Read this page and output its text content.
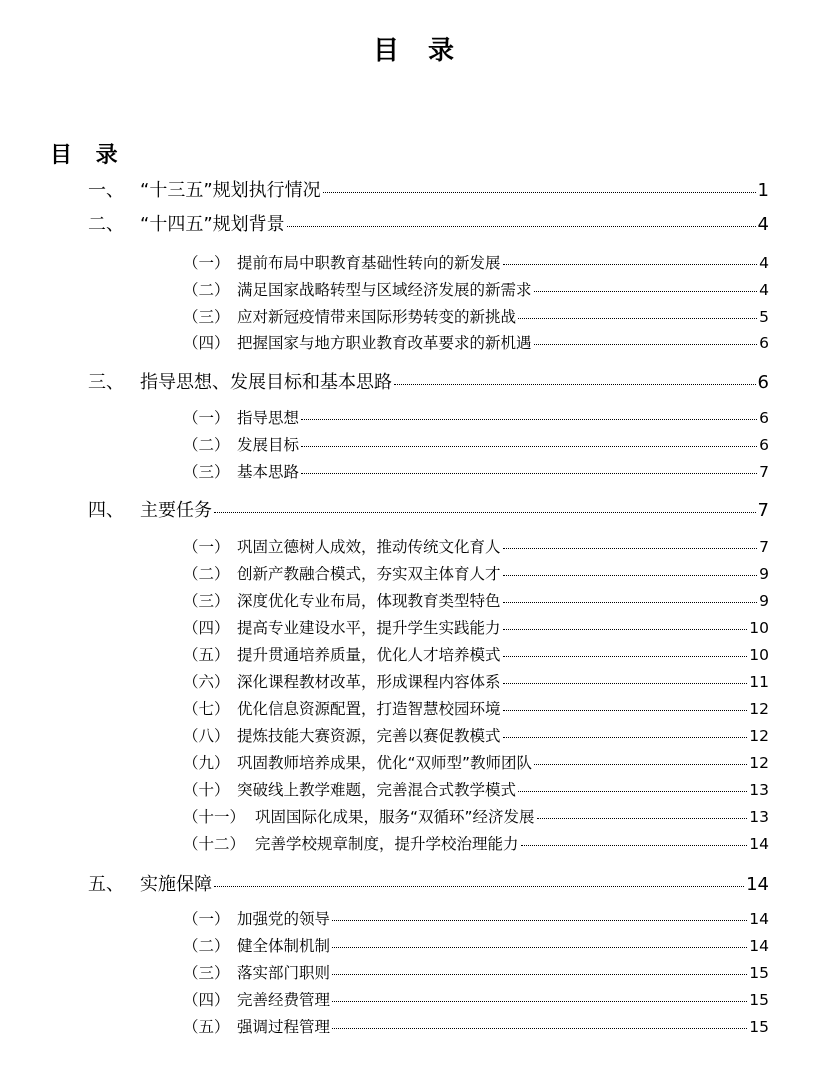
目 录
目 录
一、 “十三五”规划执行情况	1
二、 “十四五”规划背景	4
（一） 提前布局中职教育基础性转向的新发展	4
（二） 满足国家战略转型与区域经济发展的新需求	4
（三） 应对新冠疫情带来国际形势转变的新挑战	5
（四） 把握国家与地方职业教育改革要求的新机遇	6
三、 指导思想、发展目标和基本思路	6
（一） 指导思想	6
（二） 发展目标	6
（三） 基本思路	7
四、 主要任务	7
（一） 巩固立德树人成效，推动传统文化育人	7
（二） 创新产教融合模式，夯实双主体育人才	9
（三） 深度优化专业布局，体现教育类型特色	9
（四） 提高专业建设水平，提升学生实践能力	10
（五） 提升贯通培养质量，优化人才培养模式	10
（六） 深化课程教材改革，形成课程内容体系	11
（七） 优化信息资源配置，打造智慧校园环境	12
（八） 提炼技能大赛资源，完善以赛促教模式	12
（九） 巩固教师培养成果，优化“双师型”教师团队	12
（十） 突破线上教学难题，完善混合式教学模式	13
（十一） 巩固国际化成果，服务“双循环”经济发展	13
（十二） 完善学校规章制度，提升学校治理能力	14
五、 实施保障	14
（一） 加强党的领导	14
（二） 健全体制机制	14
（三） 落实部门职则	15
（四） 完善经费管理	15
（五） 强调过程管理	15
